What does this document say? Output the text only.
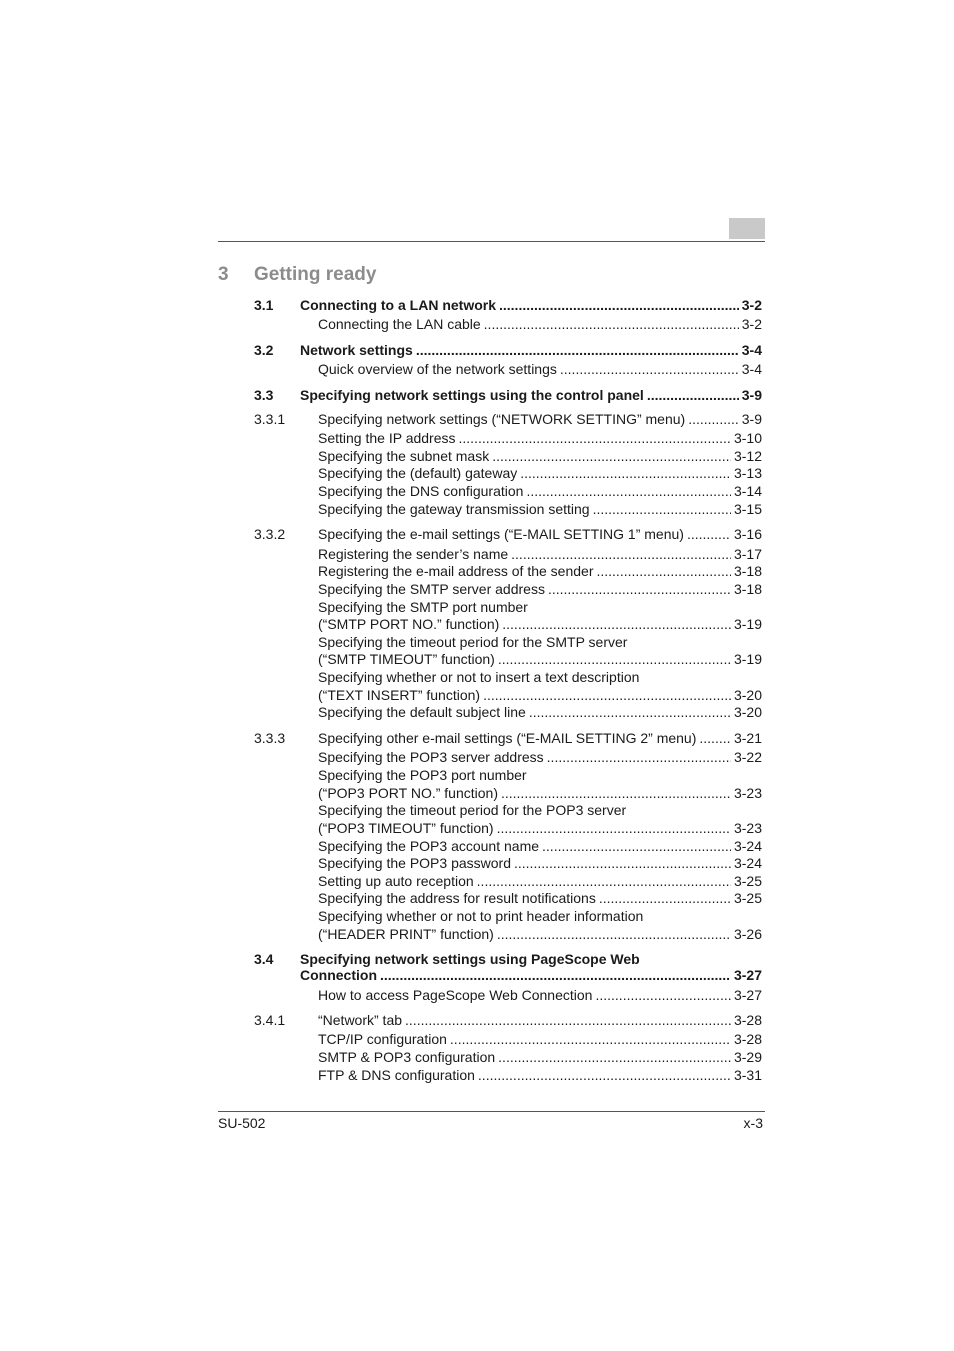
3 Getting ready
3.1 Connecting to a LAN network .....	3-2
Connecting the LAN cable .....	3-2
3.2 Network settings .....	3-4
Quick overview of the network settings .....	3-4
3.3 Specifying network settings using the control panel .....	3-9
3.3.1 Specifying network settings (“NETWORK SETTING” menu) .....	3-9
Setting the IP address .....	3-10
Specifying the subnet mask .....	3-12
Specifying the (default) gateway .....	3-13
Specifying the DNS configuration .....	3-14
Specifying the gateway transmission setting .....	3-15
3.3.2 Specifying the e-mail settings (“E-MAIL SETTING 1” menu) .....	3-16
Registering the sender’s name .....	3-17
Registering the e-mail address of the sender .....	3-18
Specifying the SMTP server address .....	3-18
Specifying the SMTP port number
(“SMTP PORT NO.” function) .....	3-19
Specifying the timeout period for the SMTP server
(“SMTP TIMEOUT” function) .....	3-19
Specifying whether or not to insert a text description
(“TEXT INSERT” function) .....	3-20
Specifying the default subject line .....	3-20
3.3.3 Specifying other e-mail settings (“E-MAIL SETTING 2” menu) .....	3-21
Specifying the POP3 server address .....	3-22
Specifying the POP3 port number
(“POP3 PORT NO.” function) .....	3-23
Specifying the timeout period for the POP3 server
(“POP3 TIMEOUT” function) .....	3-23
Specifying the POP3 account name .....	3-24
Specifying the POP3 password .....	3-24
Setting up auto reception .....	3-25
Specifying the address for result notifications .....	3-25
Specifying whether or not to print header information
(“HEADER PRINT” function) .....	3-26
3.4 Specifying network settings using PageScope Web
Connection .....	3-27
How to access PageScope Web Connection .....	3-27
3.4.1 “Network” tab .....	3-28
TCP/IP configuration .....	3-28
SMTP & POP3 configuration .....	3-29
FTP & DNS configuration .....	3-31
SU-502	x-3
